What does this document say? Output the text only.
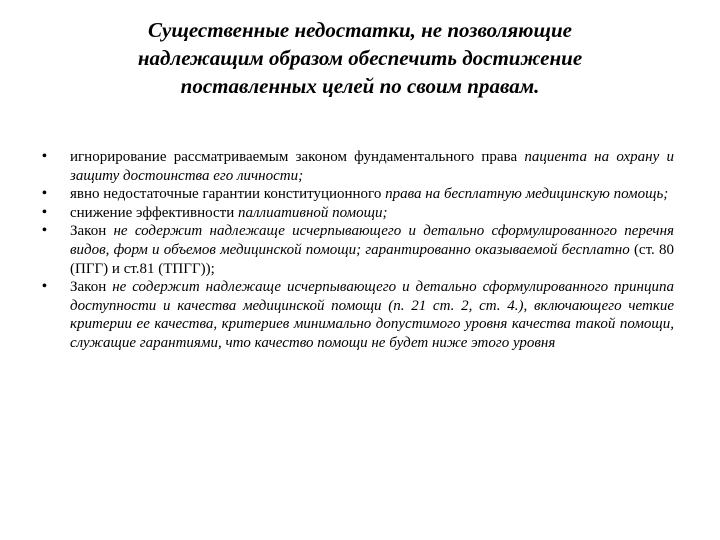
Существенные недостатки, не позволяющие
надлежащим образом обеспечить достижение
поставленных целей по своим правам.
• игнорирование рассматриваемым законом фундаментального права пациента на охрану и защиту достоинства его личности;
• явно недостаточные гарантии конституционного права на бесплатную медицинскую помощь;
• снижение эффективности паллиативной помощи;
• Закон не содержит надлежаще исчерпывающего и детально сформулированного перечня видов, форм и объемов медицинской помощи; гарантированно оказываемой бесплатно (ст. 80 (ПГГ) и ст.81 (ТПГГ));
• Закон не содержит надлежаще исчерпывающего и детально сформулированного принципа доступности и качества медицинской помощи (п. 21 ст. 2, ст. 4.), включающего четкие критерии ее качества, критериев минимально допустимого уровня качества такой помощи, служащие гарантиями, что качество помощи не будет ниже этого уровня
